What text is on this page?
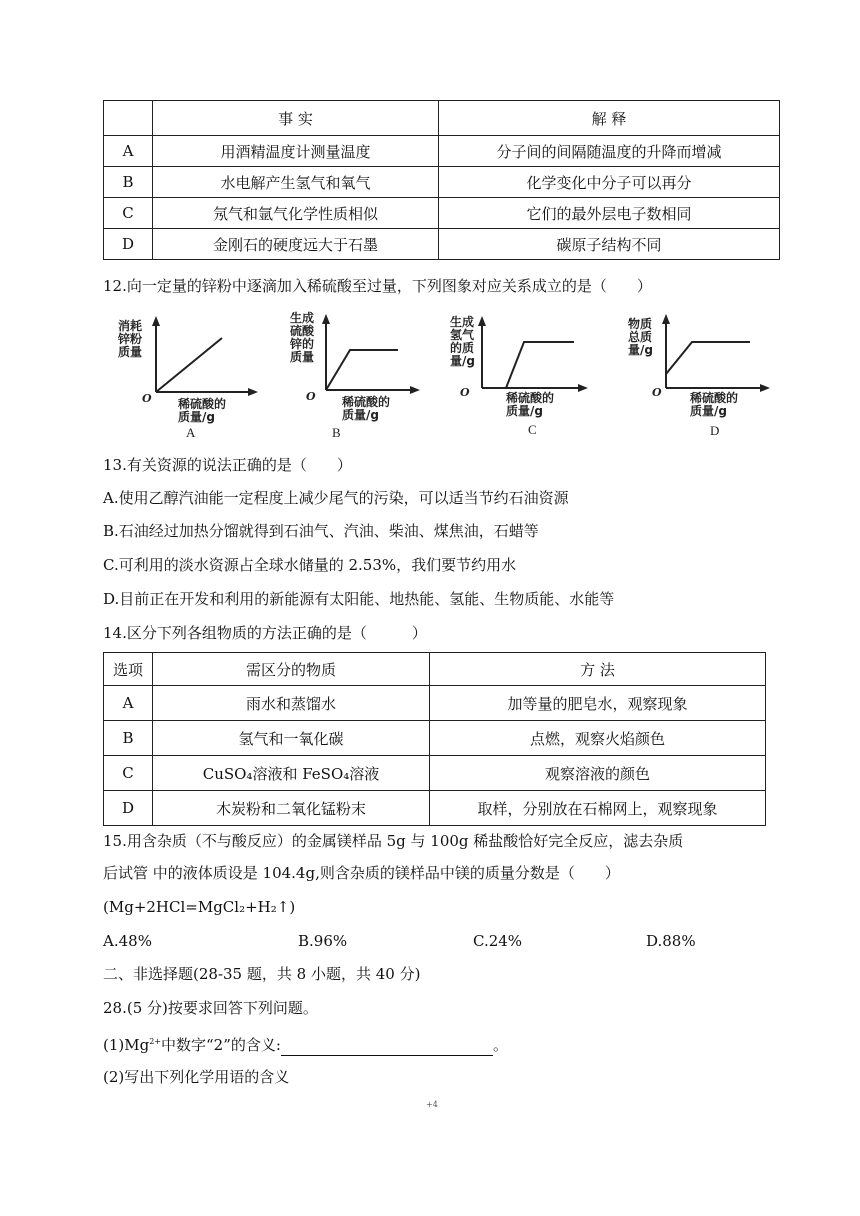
	事 实	解 释
A	用酒精温度计测量温度	分子间的间隔随温度的升降而增减
B	水电解产生氢气和氧气	化学变化中分子可以再分
C	氖气和氩气化学性质相似	它们的最外层电子数相同
D	金刚石的硬度远大于石墨	碳原子结构不同
12.向一定量的锌粉中逐滴加入稀硫酸至过量，下列图象对应关系成立的是（　　）
消耗
锌粉
质量
O 稀硫酸的
质量/g
A
生成
硫酸
锌的
质量
O 稀硫酸的
质量/g
B
生成
氢气
的质
量/g
O	稀硫酸的
质量/g
C
物质
总质
量/g
O 稀硫酸的
质量/g
D
13.有关资源的说法正确的是（　　）
A.使用乙醇汽油能一定程度上减少尾气的污染，可以适当节约石油资源
B.石油经过加热分馏就得到石油气、汽油、柴油、煤焦油，石蜡等
C.可利用的淡水资源占全球水储量的 2.53%，我们要节约用水
D.目前正在开发和利用的新能源有太阳能、地热能、氢能、生物质能、水能等
14.区分下列各组物质的方法正确的是（　　　）
选项	需区分的物质	方 法
A	雨水和蒸馏水	加等量的肥皂水，观察现象
B	氢气和一氧化碳	点燃，观察火焰颜色
C	CuSO₄溶液和 FeSO₄溶液	观察溶液的颜色
D	木炭粉和二氧化锰粉末	取样，分别放在石棉网上，观察现象
15.用含杂质（不与酸反应）的金属镁样品 5g 与 100g 稀盐酸恰好完全反应，滤去杂质
后试管 中的液体质设是 104.4g,则含杂质的镁样品中镁的质量分数是（　　）
(Mg+2HCl=MgCl₂+H₂↑)
A.48%	B.96%	C.24%	D.88%
二、非选择题(28-35 题，共 8 小题，共 40 分)
28.(5 分)按要求回答下列问题。
$(1)Mg^{2+}$中数字“2”的含义:	。
(2)写出下列化学用语的含义
+4
